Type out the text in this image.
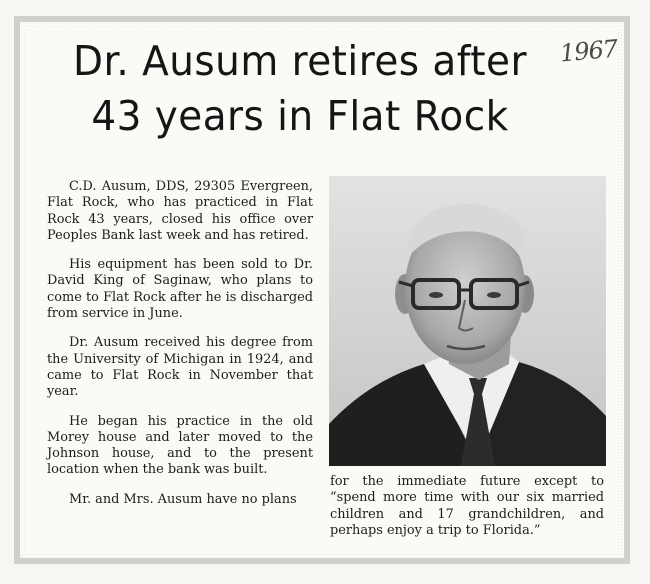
Dr. Ausum retires after
43 years in Flat Rock
1967

C.D. Ausum, DDS, 29305 Evergreen, Flat Rock, who has practiced in Flat Rock 43 years, closed his office over Peoples Bank last week and has retired.

His equipment has been sold to Dr. David King of Saginaw, who plans to come to Flat Rock after he is discharged from service in June.

Dr. Ausum received his degree from the University of Michigan in 1924, and came to Flat Rock in November that year.

He began his practice in the old Morey house and later moved to the Johnson house, and to the present location when the bank was built.

Mr. and Mrs. Ausum have no plans

for the immediate future except to “spend more time with our six married children and 17 grandchildren, and perhaps enjoy a trip to Florida.”
